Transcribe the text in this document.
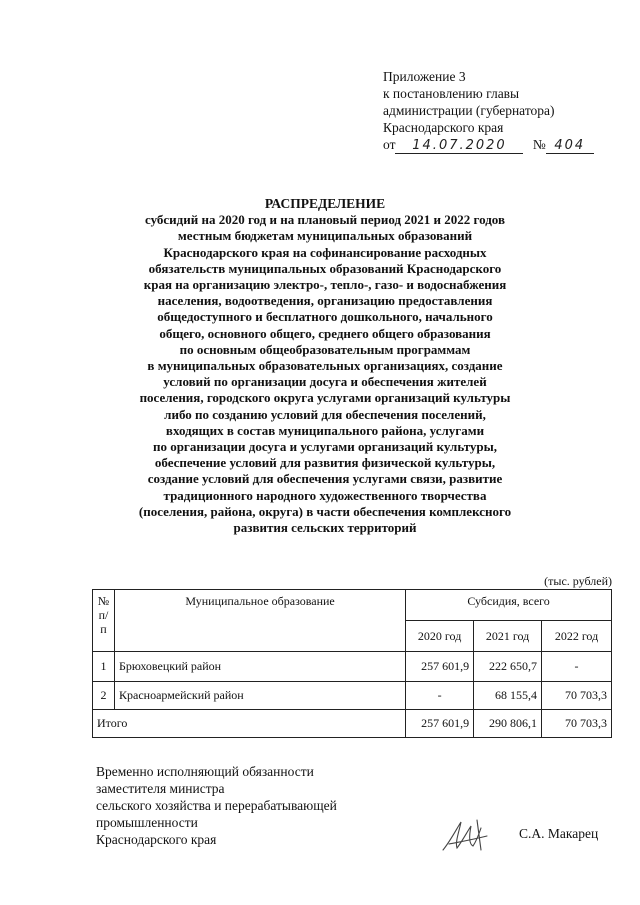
Приложение 3
к постановлению главы
администрации (губернатора)
Краснодарского края
от 14.07.2020 № 404
РАСПРЕДЕЛЕНИЕ
субсидий на 2020 год и на плановый период 2021 и 2022 годов
местным бюджетам муниципальных образований
Краснодарского края на софинансирование расходных
обязательств муниципальных образований Краснодарского
края на организацию электро-, тепло-, газо- и водоснабжения
населения, водоотведения, организацию предоставления
общедоступного и бесплатного дошкольного, начального
общего, основного общего, среднего общего образования
по основным общеобразовательным программам
в муниципальных образовательных организациях, создание
условий по организации досуга и обеспечения жителей
поселения, городского округа услугами организаций культуры
либо по созданию условий для обеспечения поселений,
входящих в состав муниципального района, услугами
по организации досуга и услугами организаций культуры,
обеспечение условий для развития физической культуры,
создание условий для обеспечения услугами связи, развитие
традиционного народного художественного творчества
(поселения, района, округа) в части обеспечения комплексного
развития сельских территорий
(тыс. рублей)
№ п/п	Муниципальное образование	Субсидия, всего		
		2020 год	2021 год	2022 год
1	Брюховецкий район	257 601,9	222 650,7	-
2	Красноармейский район	-	68 155,4	70 703,3
Итого		257 601,9	290 806,1	70 703,3
Временно исполняющий обязанности
заместителя министра
сельского хозяйства и перерабатывающей
промышленности
Краснодарского края	С.А. Макарец
